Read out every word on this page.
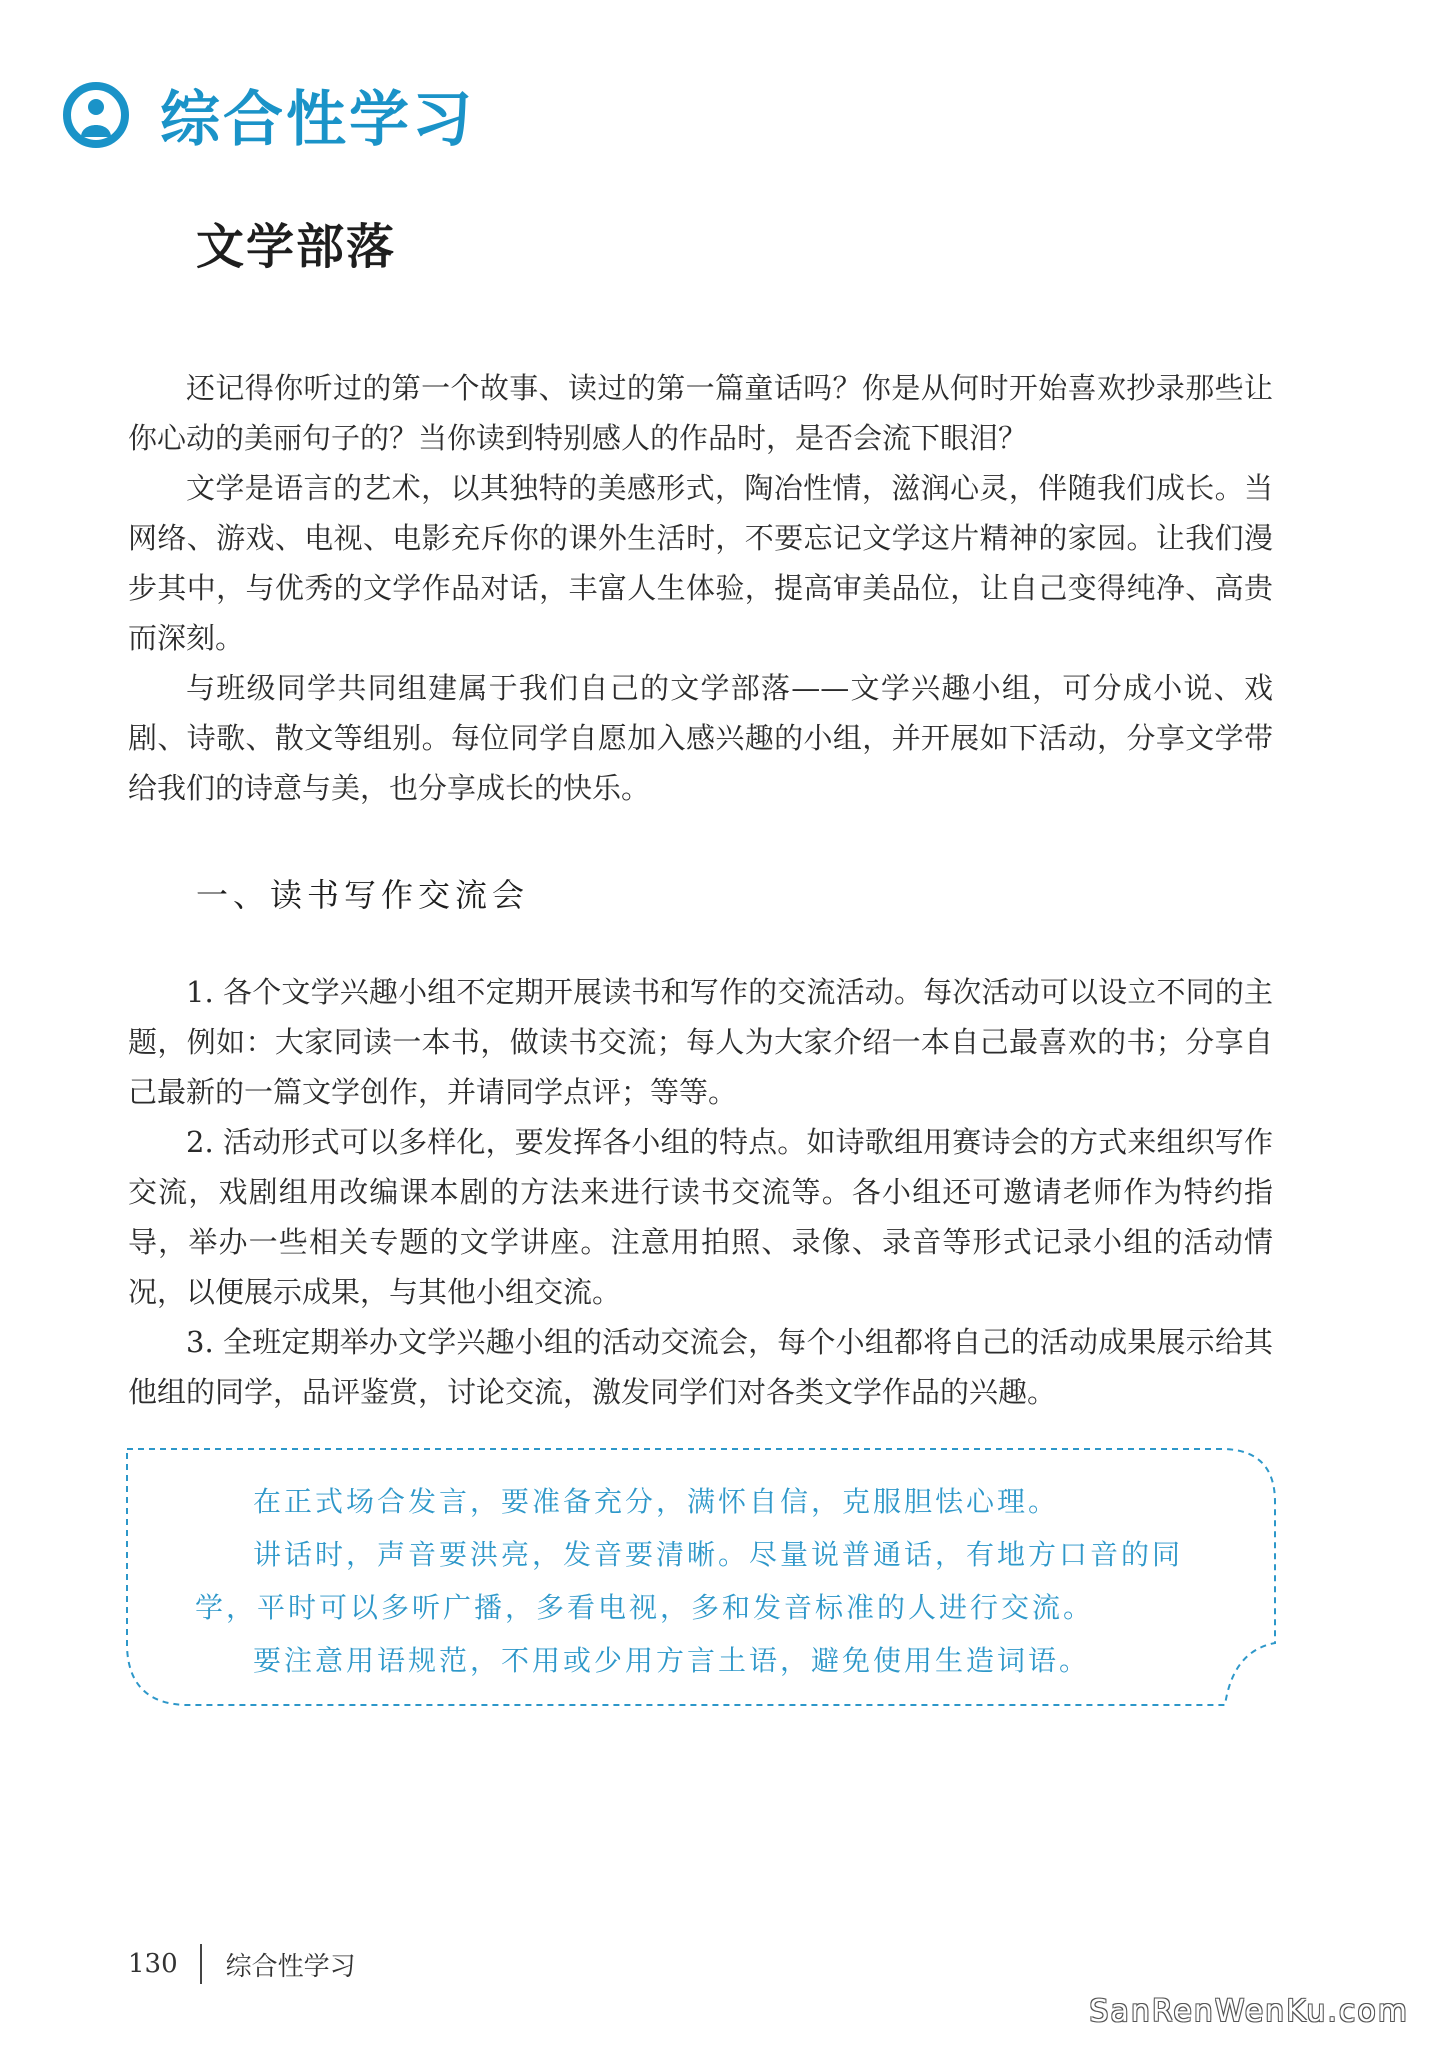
综合性学习
文学部落

还记得你听过的第一个故事、读过的第一篇童话吗？你是从何时开始喜欢抄录那些让你心动的美丽句子的？当你读到特别感人的作品时，是否会流下眼泪？

文学是语言的艺术，以其独特的美感形式，陶冶性情，滋润心灵，伴随我们成长。当网络、游戏、电视、电影充斥你的课外生活时，不要忘记文学这片精神的家园。让我们漫步其中，与优秀的文学作品对话，丰富人生体验，提高审美品位，让自己变得纯净、高贵而深刻。

与班级同学共同组建属于我们自己的文学部落——文学兴趣小组，可分成小说、戏剧、诗歌、散文等组别。每位同学自愿加入感兴趣的小组，并开展如下活动，分享文学带给我们的诗意与美，也分享成长的快乐。

一、读书写作交流会

1. 各个文学兴趣小组不定期开展读书和写作的交流活动。每次活动可以设立不同的主题，例如：大家同读一本书，做读书交流；每人为大家介绍一本自己最喜欢的书；分享自己最新的一篇文学创作，并请同学点评；等等。

2. 活动形式可以多样化，要发挥各小组的特点。如诗歌组用赛诗会的方式来组织写作交流，戏剧组用改编课本剧的方法来进行读书交流等。各小组还可邀请老师作为特约指导，举办一些相关专题的文学讲座。注意用拍照、录像、录音等形式记录小组的活动情况，以便展示成果，与其他小组交流。

3. 全班定期举办文学兴趣小组的活动交流会，每个小组都将自己的活动成果展示给其他组的同学，品评鉴赏，讨论交流，激发同学们对各类文学作品的兴趣。

在正式场合发言，要准备充分，满怀自信，克服胆怯心理。

讲话时，声音要洪亮，发音要清晰。尽量说普通话，有地方口音的同学，平时可以多听广播，多看电视，多和发音标准的人进行交流。

要注意用语规范，不用或少用方言土语，避免使用生造词语。

130 综合性学习
SanRenWenKu.com
